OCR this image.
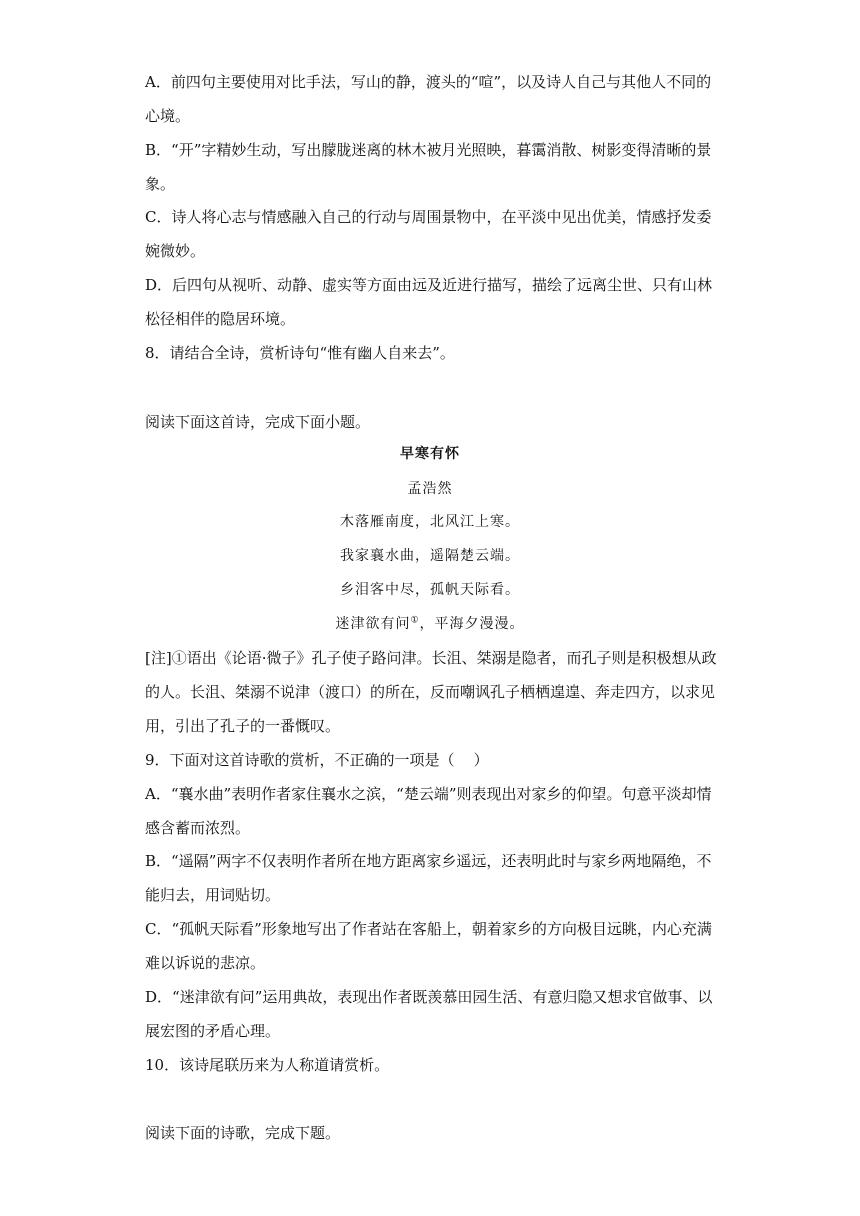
A．前四句主要使用对比手法，写山的静，渡头的“喧”，以及诗人自己与其他人不同的
心境。
B．“开”字精妙生动，写出朦胧迷离的林木被月光照映，暮霭消散、树影变得清晰的景
象。
C．诗人将心志与情感融入自己的行动与周围景物中，在平淡中见出优美，情感抒发委
婉微妙。
D．后四句从视听、动静、虚实等方面由远及近进行描写，描绘了远离尘世、只有山林
松径相伴的隐居环境。
8．请结合全诗，赏析诗句“惟有幽人自来去”。
阅读下面这首诗，完成下面小题。
早寒有怀
孟浩然
木落雁南度，北风江上寒。
我家襄水曲，遥隔楚云端。
乡泪客中尽，孤帆天际看。
迷津欲有问①，平海夕漫漫。
[注]①语出《论语·微子》孔子使子路问津。长沮、桀溺是隐者，而孔子则是积极想从政
的人。长沮、桀溺不说津（渡口）的所在，反而嘲讽孔子栖栖遑遑、奔走四方，以求见
用，引出了孔子的一番慨叹。
9．下面对这首诗歌的赏析，不正确的一项是（    ）
A．“襄水曲”表明作者家住襄水之滨，“楚云端”则表现出对家乡的仰望。句意平淡却情
感含蓄而浓烈。
B．“遥隔”两字不仅表明作者所在地方距离家乡遥远，还表明此时与家乡两地隔绝，不
能归去，用词贴切。
C．“孤帆天际看”形象地写出了作者站在客船上，朝着家乡的方向极目远眺，内心充满
难以诉说的悲凉。
D．“迷津欲有问”运用典故，表现出作者既羡慕田园生活、有意归隐又想求官做事、以
展宏图的矛盾心理。
10．该诗尾联历来为人称道请赏析。
阅读下面的诗歌，完成下题。
